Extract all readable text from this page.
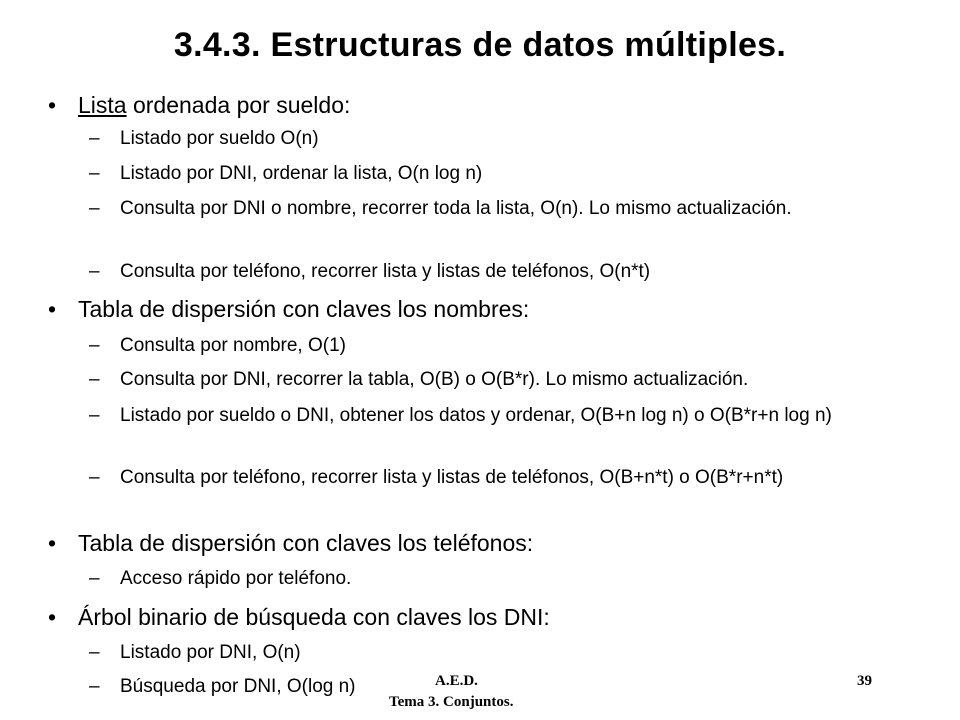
3.4.3. Estructuras de datos múltiples.
• Lista ordenada por sueldo:
– Listado por sueldo O(n)
– Listado por DNI, ordenar la lista, O(n log n)
– Consulta por DNI o nombre, recorrer toda la lista, O(n). Lo mismo actualización.
– Consulta por teléfono, recorrer lista y listas de teléfonos, O(n*t)
• Tabla de dispersión con claves los nombres:
– Consulta por nombre, O(1)
– Consulta por DNI, recorrer la tabla, O(B) o O(B*r). Lo mismo actualización.
– Listado por sueldo o DNI, obtener los datos y ordenar, O(B+n log n) o O(B*r+n log n)
– Consulta por teléfono, recorrer lista y listas de teléfonos, O(B+n*t) o O(B*r+n*t)
• Tabla de dispersión con claves los teléfonos:
– Acceso rápido por teléfono.
• Árbol binario de búsqueda con claves los DNI:
– Listado por DNI, O(n)
– Búsqueda por DNI, O(log n)	A.E.D.
Tema 3. Conjuntos.
39
